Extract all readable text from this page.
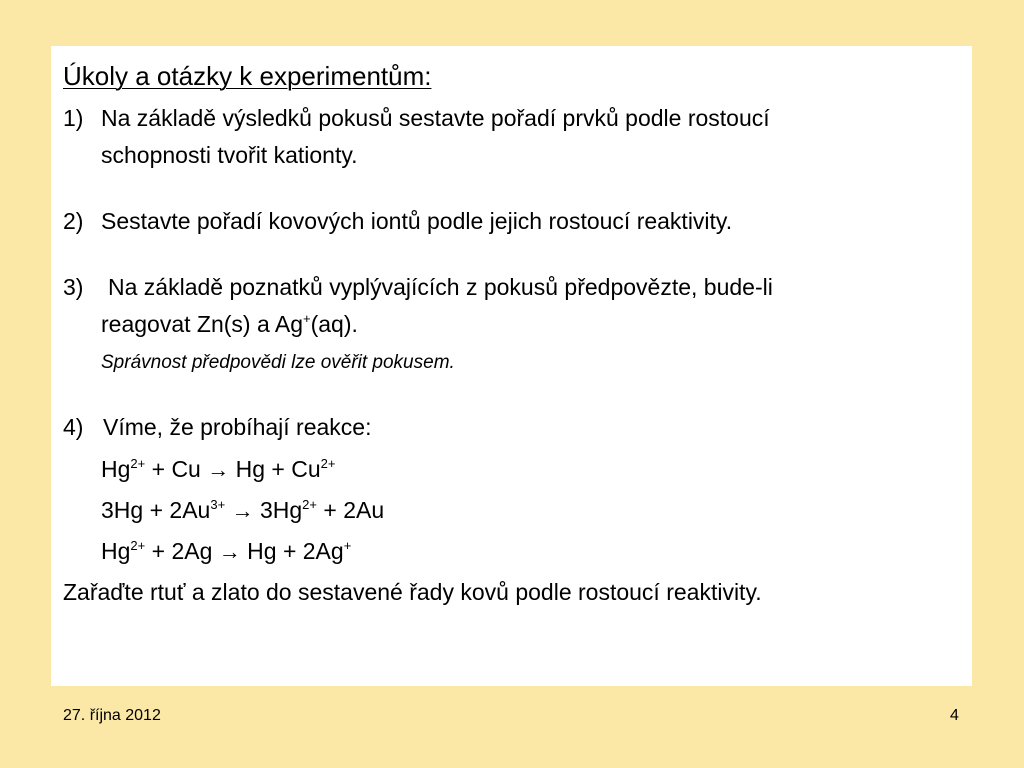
Úkoly a otázky k experimentům:
1) Na základě výsledků pokusů sestavte pořadí prvků podle rostoucí
schopnosti tvořit kationty.
2) Sestavte pořadí kovových iontů podle jejich rostoucí reaktivity.
3) Na základě poznatků vyplývajících z pokusů předpovězte, bude-li
reagovat Zn(s) a Ag+(aq).
Správnost předpovědi lze ověřit pokusem.
4) Víme, že probíhají reakce:
$Hg^{2+} + Cu \to Hg + Cu^{2+}$
$3Hg + 2Au^{3+} \to 3Hg^{2+} + 2Au$
$Hg^{2+} + 2Ag \to Hg + 2Ag^+$
Zařaďte rtuť a zlato do sestavené řady kovů podle rostoucí reaktivity.
27. října 2012	4
